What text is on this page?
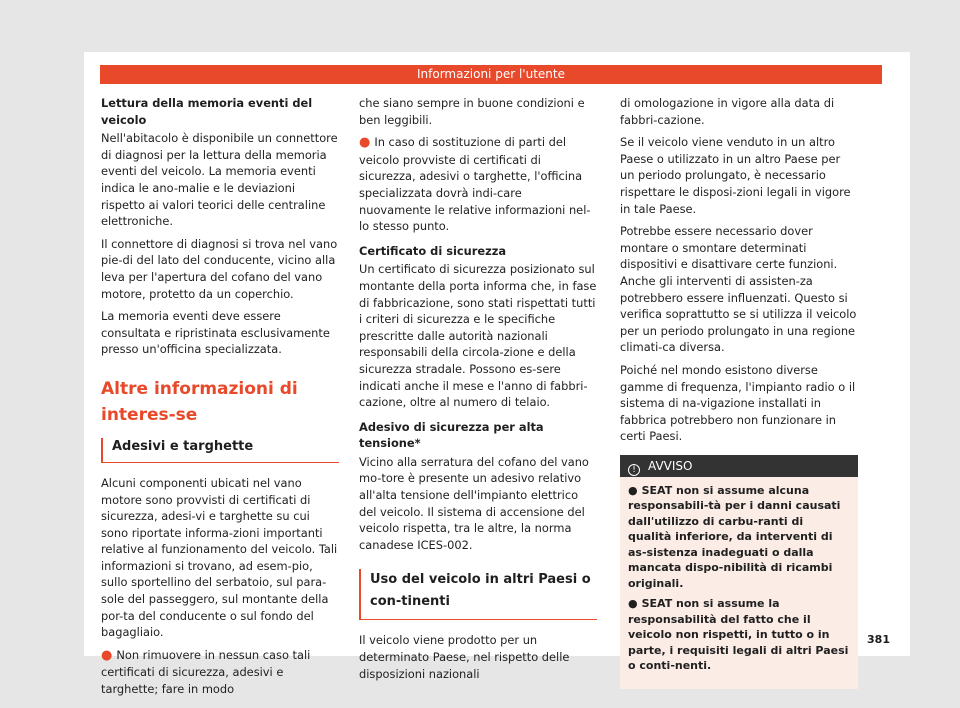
Informazioni per l'utente

Lettura della memoria eventi del veicolo

Nell'abitacolo è disponibile un connettore di diagnosi per la lettura della memoria eventi del veicolo. La memoria eventi indica le ano-malie e le deviazioni rispetto ai valori teorici delle centraline elettroniche.

Il connettore di diagnosi si trova nel vano pie-di del lato del conducente, vicino alla leva per l'apertura del cofano del vano motore, protetto da un coperchio.

La memoria eventi deve essere consultata e ripristinata esclusivamente presso un'officina specializzata.

Altre informazioni di interes-se
Adesivi e targhette

Alcuni componenti ubicati nel vano motore sono provvisti di certificati di sicurezza, adesi-vi e targhette su cui sono riportate informa-zioni importanti relative al funzionamento del veicolo. Tali informazioni si trovano, ad esem-pio, sullo sportellino del serbatoio, sul para-sole del passeggero, sul montante della por-ta del conducente o sul fondo del bagagliaio.

● Non rimuovere in nessun caso tali certificati di sicurezza, adesivi e targhette; fare in modo

che siano sempre in buone condizioni e ben leggibili.

● In caso di sostituzione di parti del veicolo provviste di certificati di sicurezza, adesivi o targhette, l'officina specializzata dovrà indi-care nuovamente le relative informazioni nel-lo stesso punto.

Certificato di sicurezza

Un certificato di sicurezza posizionato sul montante della porta informa che, in fase di fabbricazione, sono stati rispettati tutti i criteri di sicurezza e le specifiche prescritte dalle autorità nazionali responsabili della circola-zione e della sicurezza stradale. Possono es-sere indicati anche il mese e l'anno di fabbri-cazione, oltre al numero di telaio.

Adesivo di sicurezza per alta tensione*

Vicino alla serratura del cofano del vano mo-tore è presente un adesivo relativo all'alta tensione dell'impianto elettrico del veicolo. Il sistema di accensione del veicolo rispetta, tra le altre, la norma canadese ICES-002.

Uso del veicolo in altri Paesi o con-tinenti

Il veicolo viene prodotto per un determinato Paese, nel rispetto delle disposizioni nazionali

di omologazione in vigore alla data di fabbri-cazione.

Se il veicolo viene venduto in un altro Paese o utilizzato in un altro Paese per un periodo prolungato, è necessario rispettare le disposi-zioni legali in vigore in tale Paese.

Potrebbe essere necessario dover montare o smontare determinati dispositivi e disattivare certe funzioni. Anche gli interventi di assisten-za potrebbero essere influenzati. Questo si verifica soprattutto se si utilizza il veicolo per un periodo prolungato in una regione climati-ca diversa.

Poiché nel mondo esistono diverse gamme di frequenza, l'impianto radio o il sistema di na-vigazione installati in fabbrica potrebbero non funzionare in certi Paesi.

! AVVISO

● SEAT non si assume alcuna responsabili-tà per i danni causati dall'utilizzo di carbu-ranti di qualità inferiore, da interventi di as-sistenza inadeguati o dalla mancata dispo-nibilità di ricambi originali.

● SEAT non si assume la responsabilità del fatto che il veicolo non rispetti, in tutto o in parte, i requisiti legali di altri Paesi o conti-nenti.

381
